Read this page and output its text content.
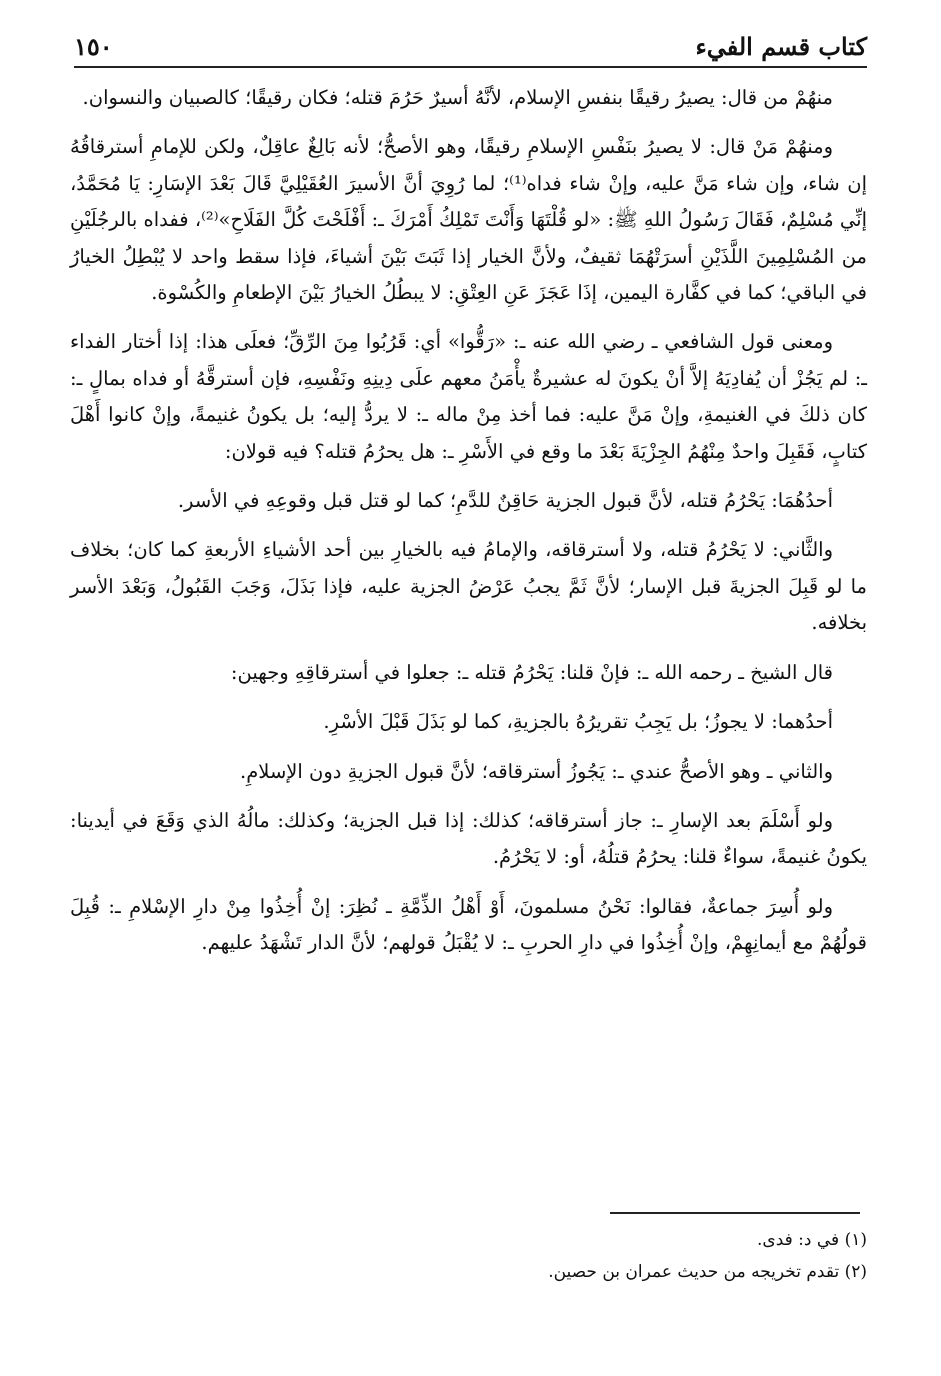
كتاب قسم الفيء
١٥٠

منهُمْ من قال: يصيرُ رقيقًا بنفسِ الإسلام، لأنَّهُ أسيرٌ حَرُمَ قتله؛ فكان رقيقًا؛ كالصبيان والنسوان.

ومنهُمْ مَنْ قال: لا يصيرُ بنَفْسِ الإسلامِ رقيقًا، وهو الأصحُّ؛ لأنه بَالِغٌ عاقِلٌ، ولكن للإمامِ أسترقاقُهُ إن شاء، وإن شاء مَنَّ عليه، وإنْ شاء فداه⁽¹⁾؛ لما رُوِيَ أنَّ الأسيرَ العُقَيْلِيَّ قَالَ بَعْدَ الإسَارِ: يَا مُحَمَّدُ، إنِّي مُسْلِمٌ، فَقَالَ رَسُولُ اللهِ ﷺ: «لو قُلْتَهَا وَأَنْتَ تَمْلِكُ أَمْرَكَ ـ: أَفْلَحْتَ كُلَّ الفَلَاحِ»⁽²⁾، ففداه بالرجُلَيْنِ من المُسْلِمِينَ اللَّذَيْنِ أسرَتْهُمَا ثقيفٌ، ولأنَّ الخيار إذا ثَبَتَ بَيْنَ أشياءَ، فإذا سقط واحد لا يُبْطِلُ الخيارُ في الباقي؛ كما في كفَّارة اليمين، إذَا عَجَزَ عَنِ العِتْقِ: لا يبطُلُ الخيارُ بَيْنَ الإطعامِ والكُسْوة.

ومعنى قول الشافعي ـ رضي الله عنه ـ: «رَقُّوا» أي: قَرُبُوا مِنَ الرِّقِّ؛ فعلَى هذا: إذا أختار الفداء ـ: لم يَجُزْ أن يُفادِيَهُ إلاَّ أنْ يكونَ له عشيرةٌ يأْمَنُ معهم علَى دِينِهِ ونَفْسِهِ، فإن أسترقَّهُ أو فداه بمالٍ ـ: كان ذلكَ في الغنيمةِ، وإنْ مَنَّ عليه: فما أخذ مِنْ ماله ـ: لا يردُّ إليه؛ بل يكونُ غنيمةً، وإنْ كانوا أَهْلَ كتابٍ، فَقَبِلَ واحدٌ مِنْهُمُ الجِزْيَةَ بَعْدَ ما وقع في الأَسْرِ ـ: هل يحرُمُ قتله؟ فيه قولان:

أحدُهُمَا: يَحْرُمُ قتله، لأنَّ قبول الجزية حَاقِنٌ للدَّمِ؛ كما لو قتل قبل وقوعِهِ في الأسر.

والثَّاني: لا يَحْرُمُ قتله، ولا أسترقاقه، والإمامُ فيه بالخيارِ بين أحد الأشياءِ الأربعةِ كما كان؛ بخلاف ما لو قَبِلَ الجزيةَ قبل الإسار؛ لأنَّ ثَمَّ يجبُ عَرْضُ الجزية عليه، فإذا بَذَلَ، وَجَبَ القَبُولُ، وَبَعْدَ الأسر بخلافه.

قال الشيخ ـ رحمه الله ـ: فإنْ قلنا: يَحْرُمُ قتله ـ: جعلوا في أسترقاقِهِ وجهين:

أحدُهما: لا يجوزُ؛ بل يَجِبُ تقريرُهُ بالجزيةِ، كما لو بَذَلَ قَبْلَ الأسْرِ.

والثاني ـ وهو الأصحُّ عندي ـ: يَجُوزُ أسترقاقه؛ لأنَّ قبول الجزيةِ دون الإسلامِ.

ولو أَسْلَمَ بعد الإسارِ ـ: جاز أسترقاقه؛ كذلك: إذا قبل الجزية؛ وكذلك: مالُهُ الذي وَقَعَ في أيدينا: يكونُ غنيمةً، سواءٌ قلنا: يحرُمُ قتلُهُ، أو: لا يَحْرُمُ.

ولو أُسِرَ جماعةٌ، فقالوا: نَحْنُ مسلمونَ، أَوْ أَهْلُ الذِّمَّةِ ـ نُظِرَ: إنْ أُخِذُوا مِنْ دارِ الإسْلامِ ـ: قُبِلَ قولُهُمْ مع أيمانِهِمْ، وإنْ أُخِذُوا في دارِ الحربِ ـ: لا يُقْبَلُ قولهم؛ لأنَّ الدار تَشْهَدُ عليهم.

(١) في د: فدى.
(٢) تقدم تخريجه من حديث عمران بن حصين.
